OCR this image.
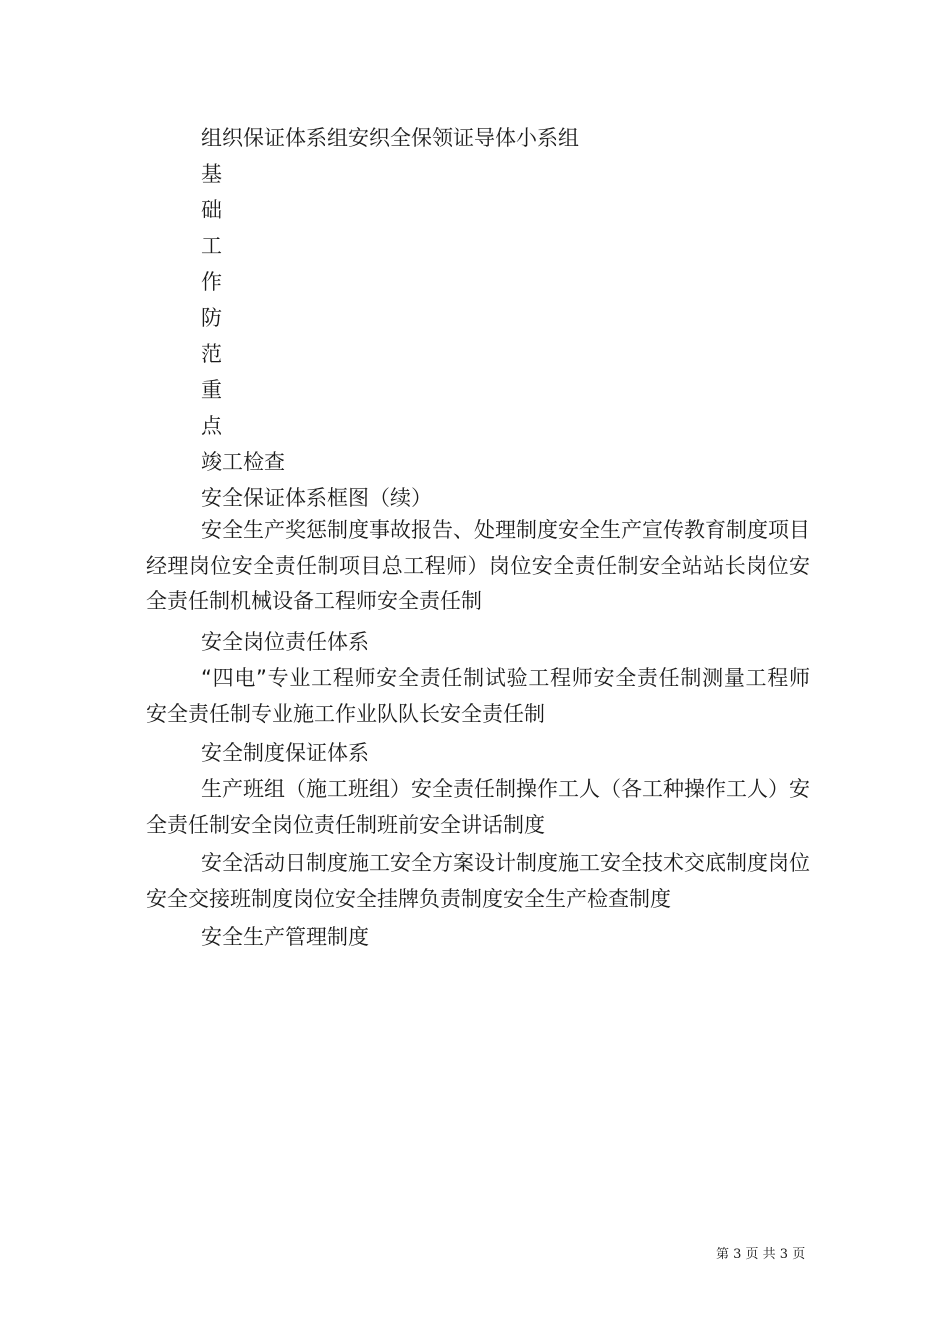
组织保证体系组安织全保领证导体小系组
基
础
工
作
防
范
重
点
竣工检查
安全保证体系框图（续）
安全生产奖惩制度事故报告、处理制度安全生产宣传教育制度项目经理岗位安全责任制项目总工程师）岗位安全责任制安全站站长岗位安全责任制机械设备工程师安全责任制
安全岗位责任体系
“四电”专业工程师安全责任制试验工程师安全责任制测量工程师安全责任制专业施工作业队队长安全责任制
安全制度保证体系
生产班组（施工班组）安全责任制操作工人（各工种操作工人）安全责任制安全岗位责任制班前安全讲话制度
安全活动日制度施工安全方案设计制度施工安全技术交底制度岗位安全交接班制度岗位安全挂牌负责制度安全生产检查制度
安全生产管理制度
第 3 页 共 3 页
